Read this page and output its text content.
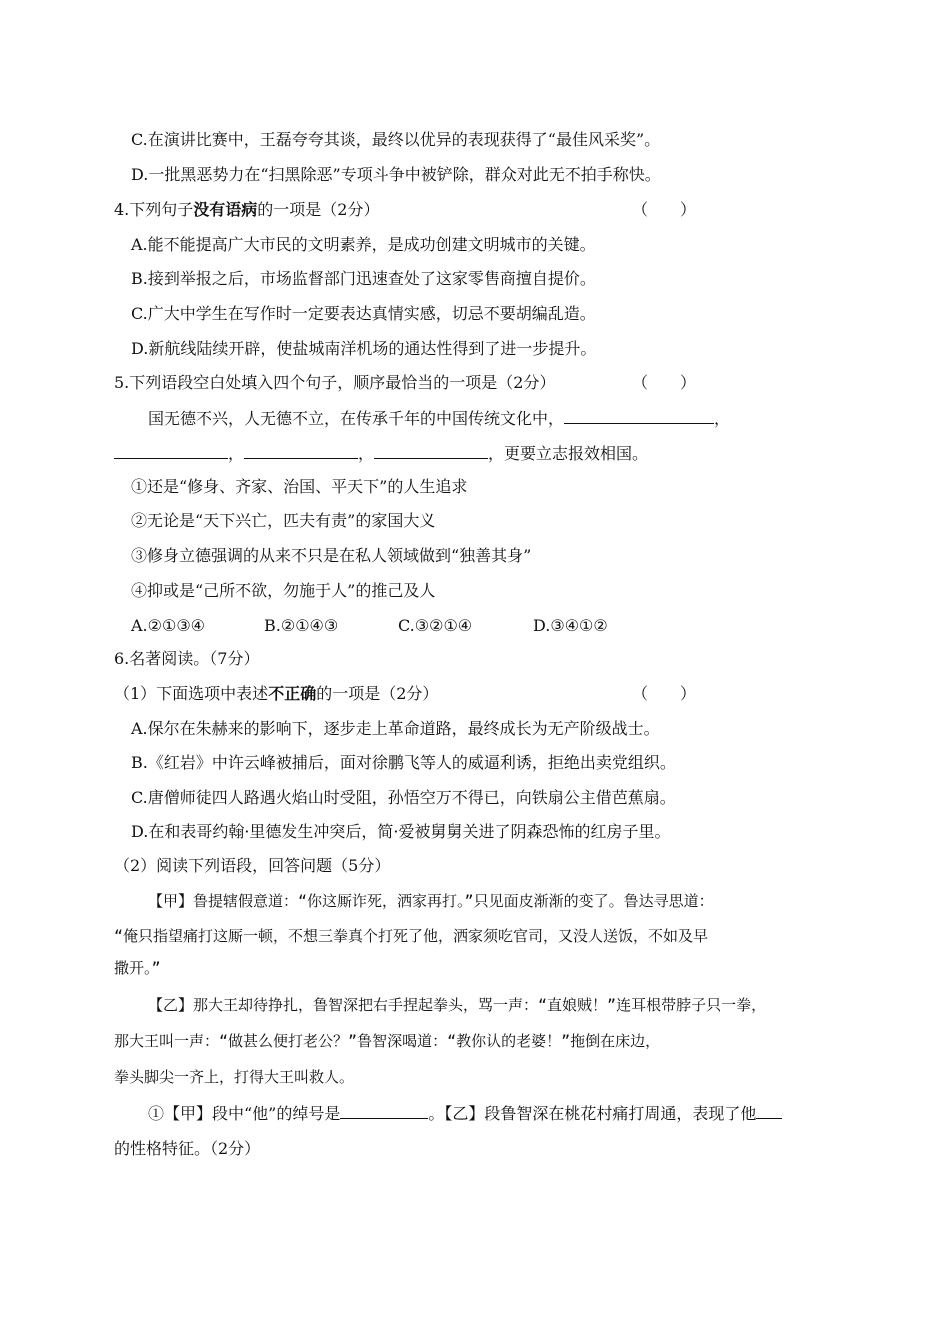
C.在演讲比赛中，王磊夸夸其谈，最终以优异的表现获得了“最佳风采奖”。
D.一批黑恶势力在“扫黑除恶”专项斗争中被铲除，群众对此无不拍手称快。
4.下列句子没有语病的一项是（2分）	（　　）
A.能不能提高广大市民的文明素养，是成功创建文明城市的关键。
B.接到举报之后，市场监督部门迅速查处了这家零售商擅自提价。
C.广大中学生在写作时一定要表达真情实感，切忌不要胡编乱造。
D.新航线陆续开辟，使盐城南洋机场的通达性得到了进一步提升。
5.下列语段空白处填入四个句子，顺序最恰当的一项是（2分）	（　　）
国无德不兴，人无德不立，在传承千年的中国传统文化中，	，
，	，	，更要立志报效相国。
①还是“修身、齐家、治国、平天下”的人生追求
②无论是“天下兴亡，匹夫有责”的家国大义
③修身立德强调的从来不只是在私人领域做到“独善其身”
④抑或是“己所不欲，勿施于人”的推己及人
A.②①③④	B.②①④③	C.③②①④	D.③④①②
6.名著阅读。（7分）
（1）下面选项中表述不正确的一项是（2分）	（　　）
A.保尔在朱赫来的影响下，逐步走上革命道路，最终成长为无产阶级战士。
B.《红岩》中许云峰被捕后，面对徐鹏飞等人的威逼利诱，拒绝出卖党组织。
C.唐僧师徒四人路遇火焰山时受阻，孙悟空万不得已，向铁扇公主借芭蕉扇。
D.在和表哥约翰·里德发生冲突后，简·爱被舅舅关进了阴森恐怖的红房子里。
（2）阅读下列语段，回答问题（5分）
【甲】鲁提辖假意道：“你这厮诈死，洒家再打。”只见面皮渐渐的变了。鲁达寻思道：
“俺只指望痛打这厮一顿，不想三拳真个打死了他，洒家须吃官司，又没人送饭，不如及早
撒开。”
【乙】那大王却待挣扎，鲁智深把右手捏起拳头，骂一声：“直娘贼！”连耳根带脖子只一拳，
那大王叫一声：“做甚么便打老公？”鲁智深喝道：“教你认的老婆！”拖倒在床边，
拳头脚尖一齐上，打得大王叫救人。
①【甲】段中“他”的绰号是	。【乙】段鲁智深在桃花村痛打周通，表现了他
的性格特征。（2分）
